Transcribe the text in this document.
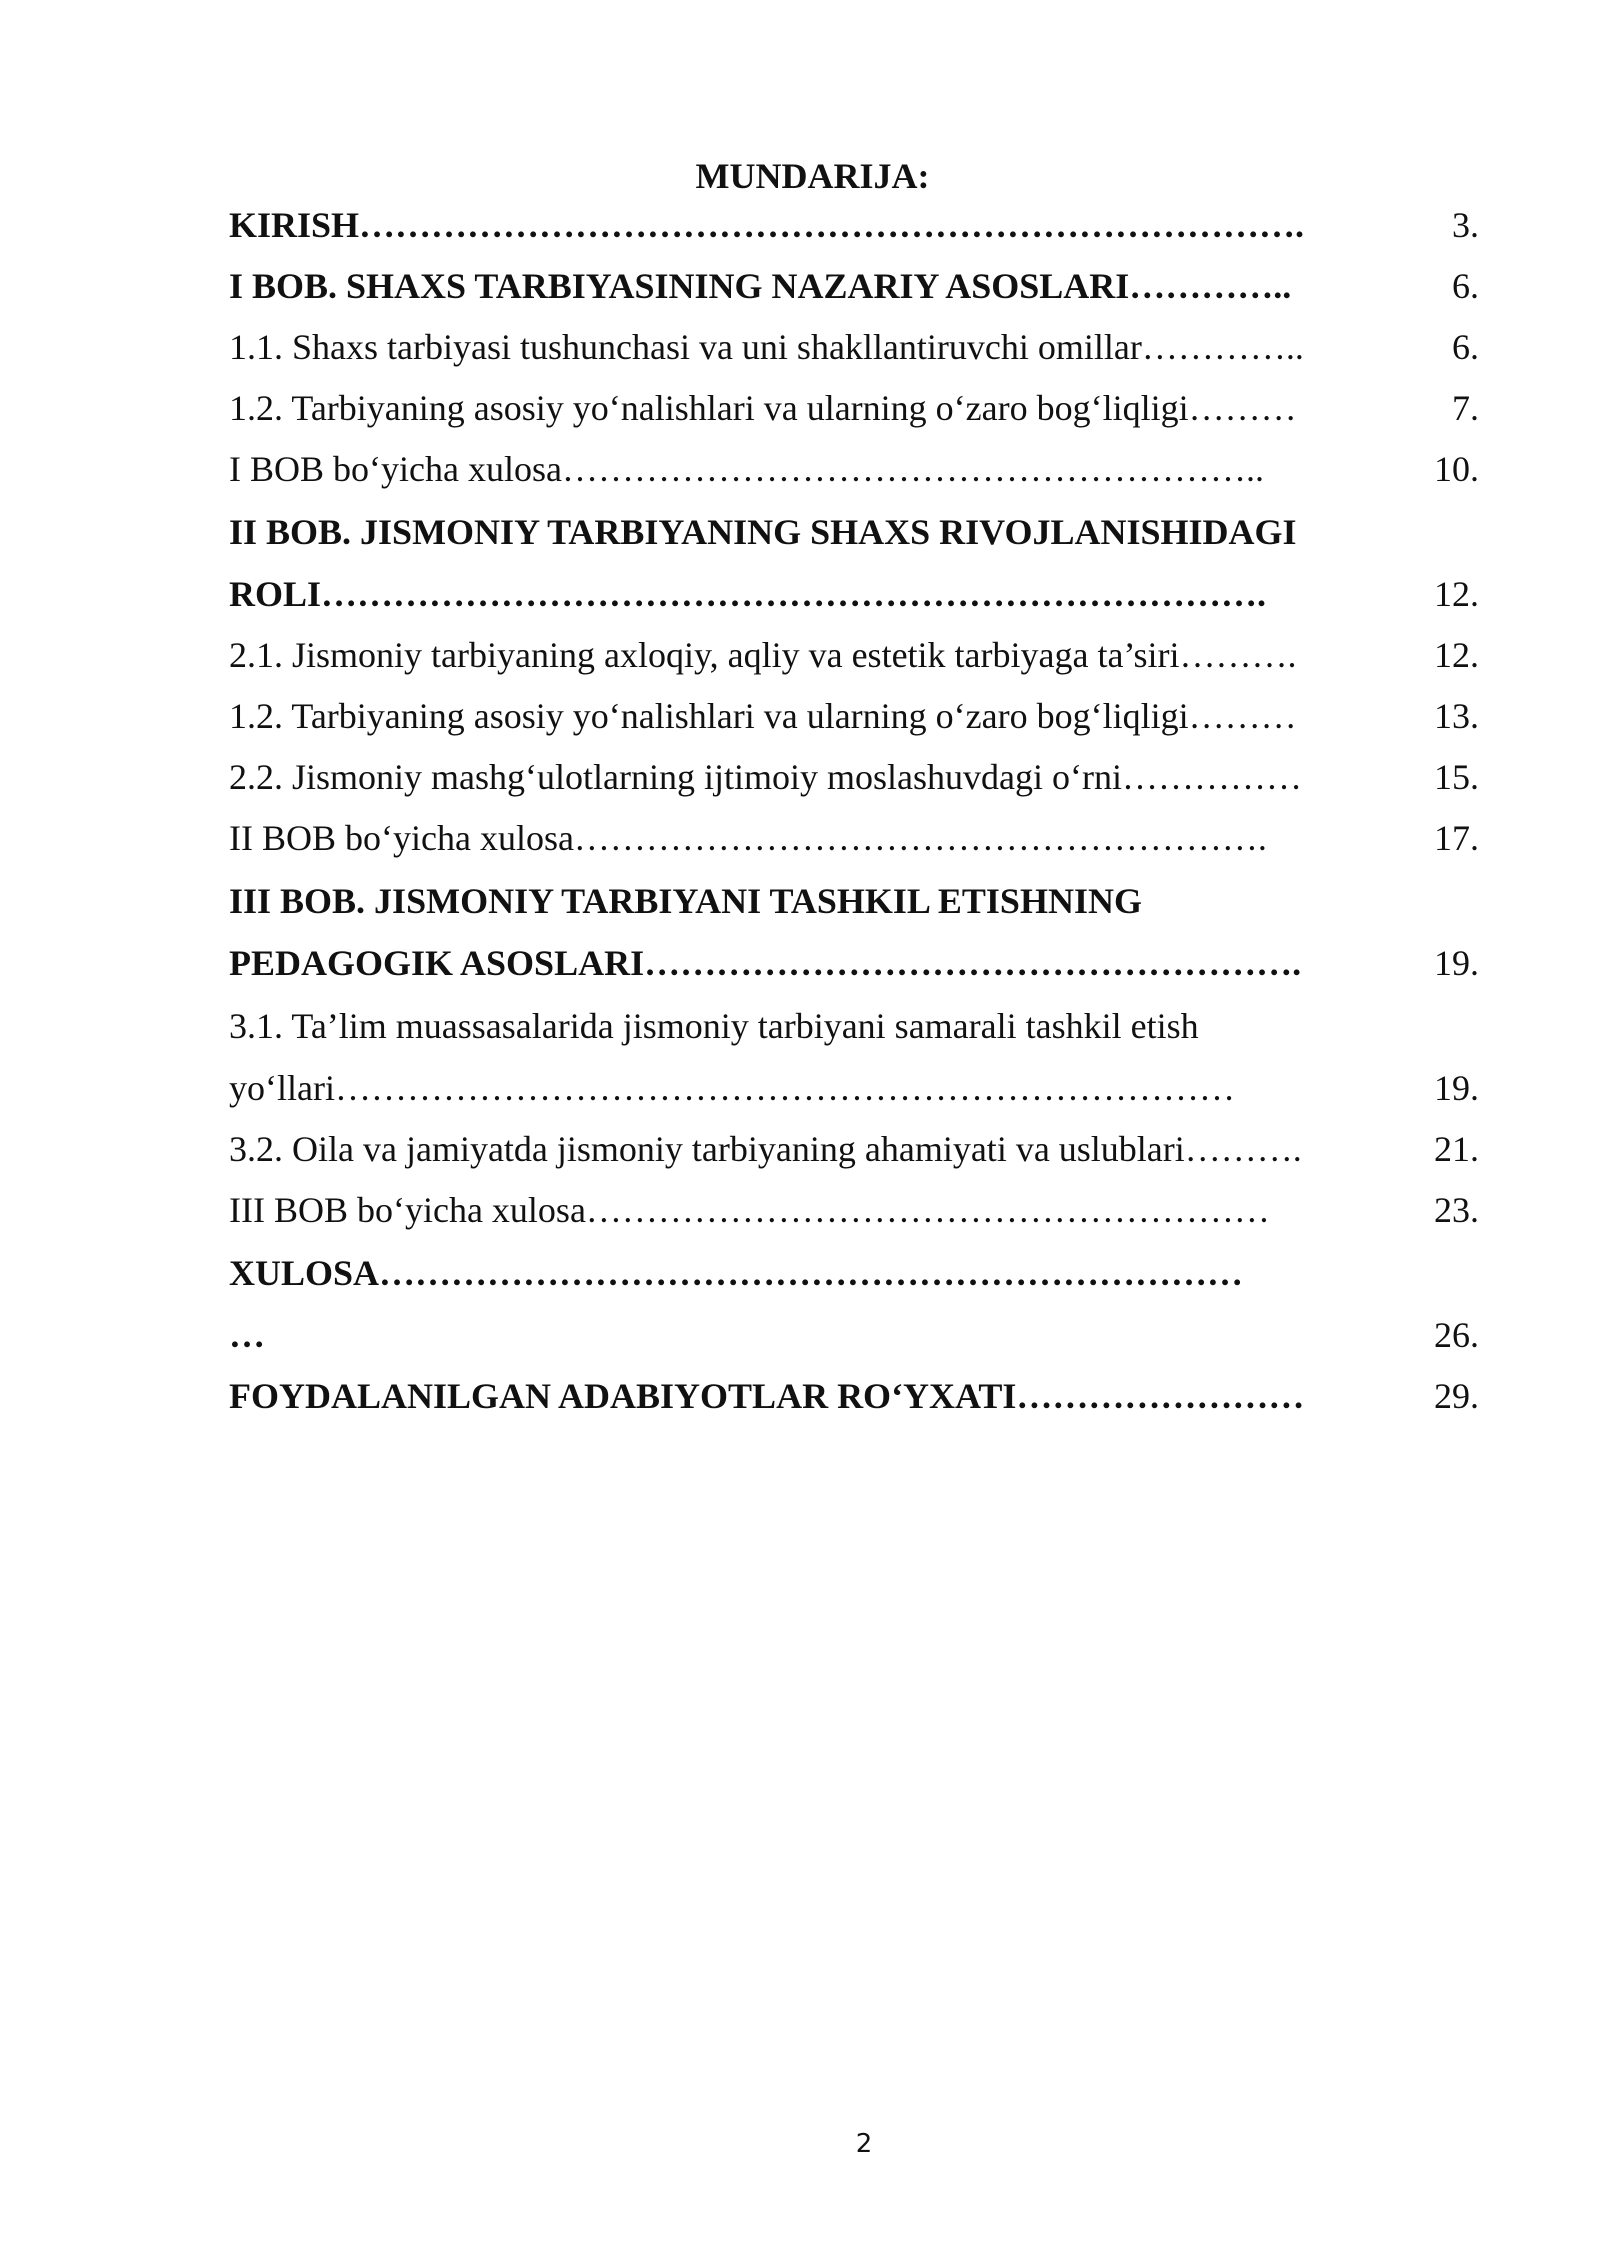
MUNDARIJA:
KIRISH…………………………………………………………………….	3.
I BOB. SHAXS TARBIYASINING NAZARIY ASOSLARI…………..	6.
1.1. Shaxs tarbiyasi tushunchasi va uni shakllantiruvchi omillar…………..	6.
1.2. Tarbiyaning asosiy yo‘nalishlari va ularning o‘zaro bog‘liqligi………	7.
I BOB bo‘yicha xulosa…………………………………………………..	10.
II BOB. JISMONIY TARBIYANING SHAXS RIVOJLANISHIDAGI
ROLI…………………………………………………………………….	12.
2.1. Jismoniy tarbiyaning axloqiy, aqliy va estetik tarbiyaga ta’siri……….	12.
1.2. Tarbiyaning asosiy yo‘nalishlari va ularning o‘zaro bog‘liqligi………	13.
2.2. Jismoniy mashg‘ulotlarning ijtimoiy moslashuvdagi o‘rni……………	15.
II BOB bo‘yicha xulosa………………………………………………….	17.
III BOB. JISMONIY TARBIYANI TASHKIL ETISHNING
PEDAGOGIK ASOSLARI……………………………………………….	19.
3.1. Ta’lim muassasalarida jismoniy tarbiyani samarali tashkil etish
yo‘llari…………………………………………………………………	19.
3.2. Oila va jamiyatda jismoniy tarbiyaning ahamiyati va uslublari……….	21.
III BOB bo‘yicha xulosa…………………………………………………	23.
XULOSA………………………………………………………………
…	26.
FOYDALANILGAN ADABIYOTLAR RO‘YXATI……………………	29.
2
